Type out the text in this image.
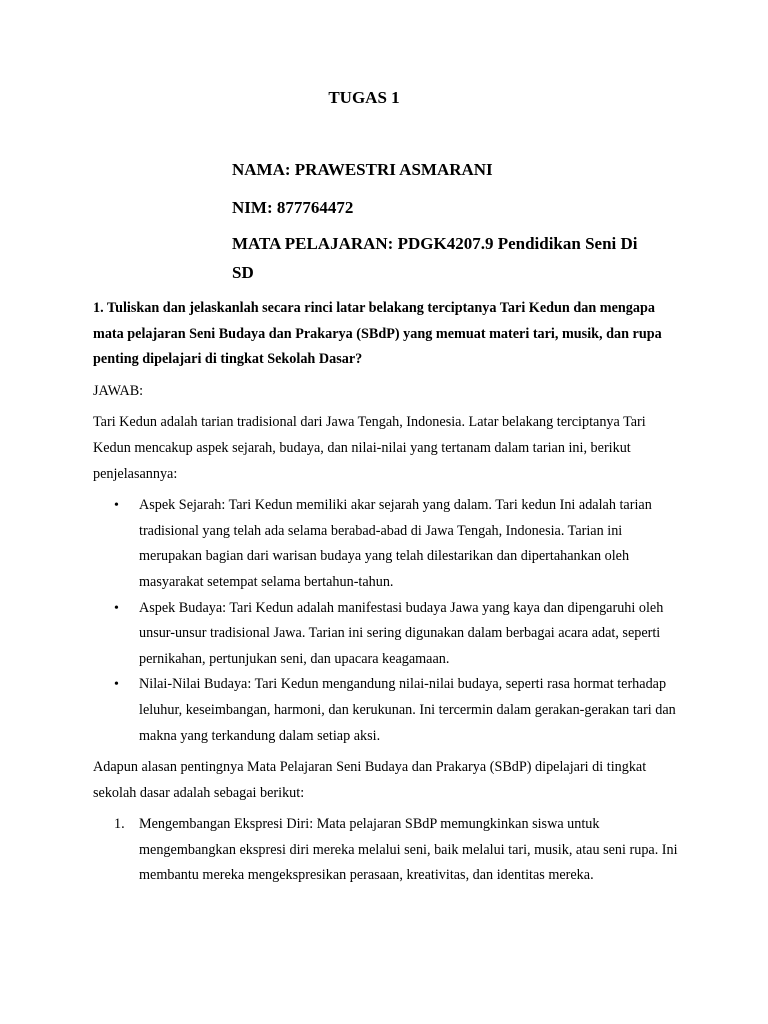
TUGAS 1
NAMA: PRAWESTRI ASMARANI
NIM: 877764472
MATA PELAJARAN: PDGK4207.9 Pendidikan Seni Di
SD

1. Tuliskan dan jelaskanlah secara rinci latar belakang terciptanya Tari Kedun dan mengapa mata pelajaran Seni Budaya dan Prakarya (SBdP) yang memuat materi tari, musik, dan rupa penting dipelajari di tingkat Sekolah Dasar?

JAWAB:

Tari Kedun adalah tarian tradisional dari Jawa Tengah, Indonesia. Latar belakang terciptanya Tari Kedun mencakup aspek sejarah, budaya, dan nilai-nilai yang tertanam dalam tarian ini, berikut penjelasannya:

• Aspek Sejarah: Tari Kedun memiliki akar sejarah yang dalam. Tari kedun Ini adalah tarian tradisional yang telah ada selama berabad-abad di Jawa Tengah, Indonesia. Tarian ini merupakan bagian dari warisan budaya yang telah dilestarikan dan dipertahankan oleh masyarakat setempat selama bertahun-tahun.
• Aspek Budaya: Tari Kedun adalah manifestasi budaya Jawa yang kaya dan dipengaruhi oleh unsur-unsur tradisional Jawa. Tarian ini sering digunakan dalam berbagai acara adat, seperti pernikahan, pertunjukan seni, dan upacara keagamaan.
• Nilai-Nilai Budaya: Tari Kedun mengandung nilai-nilai budaya, seperti rasa hormat terhadap leluhur, keseimbangan, harmoni, dan kerukunan. Ini tercermin dalam gerakan-gerakan tari dan makna yang terkandung dalam setiap aksi.

Adapun alasan pentingnya Mata Pelajaran Seni Budaya dan Prakarya (SBdP) dipelajari di tingkat sekolah dasar adalah sebagai berikut:

1. Mengembangan Ekspresi Diri: Mata pelajaran SBdP memungkinkan siswa untuk mengembangkan ekspresi diri mereka melalui seni, baik melalui tari, musik, atau seni rupa. Ini membantu mereka mengekspresikan perasaan, kreativitas, dan identitas mereka.
